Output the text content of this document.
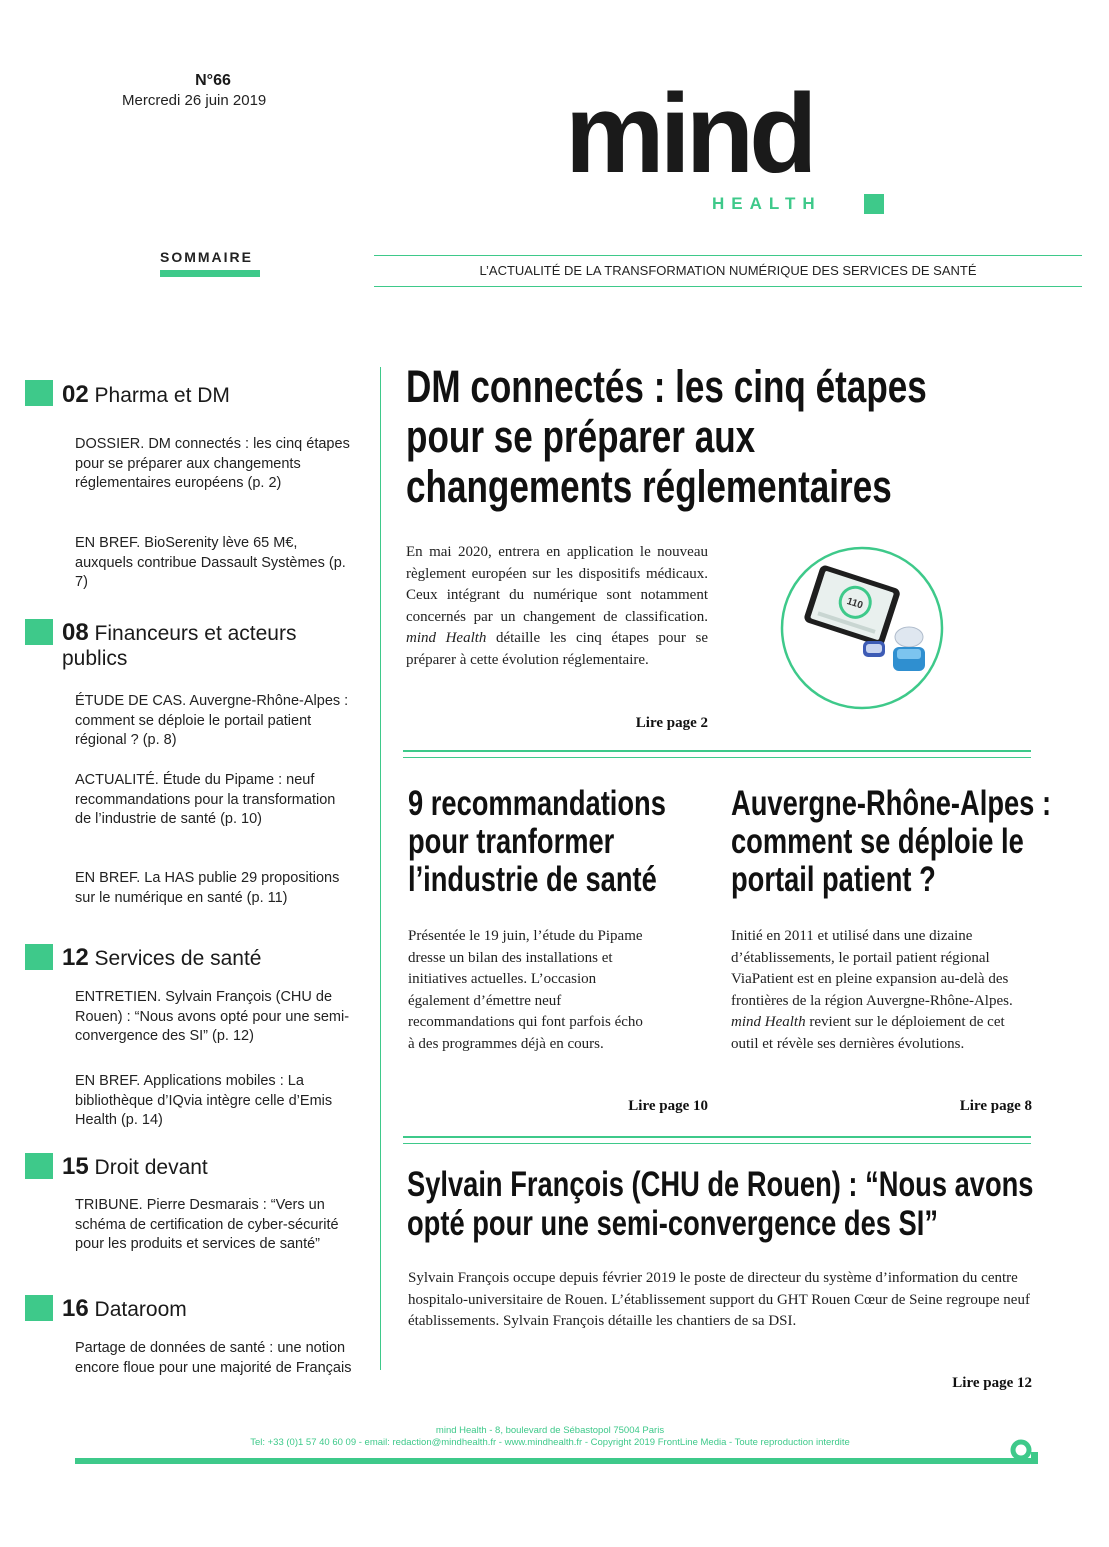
N°66
Mercredi 26 juin 2019	mind
HEALTH
SOMMAIRE
L’ACTUALITÉ DE LA TRANSFORMATION NUMÉRIQUE DES SERVICES DE SANTÉ
02 Pharma et DM
DOSSIER. DM connectés : les cinq étapes pour se préparer aux changements réglementaires européens (p. 2)
EN BREF. BioSerenity lève 65 M€, auxquels contribue Dassault Systèmes (p. 7)
08 Financeurs et acteurs publics
ÉTUDE DE CAS. Auvergne-Rhône-Alpes : comment se déploie le portail patient régional ? (p. 8)
ACTUALITÉ. Étude du Pipame : neuf recommandations pour la transformation de l’industrie de santé (p. 10)
EN BREF. La HAS publie 29 propositions sur le numérique en santé (p. 11)
12 Services de santé
ENTRETIEN. Sylvain François (CHU de Rouen) : “Nous avons opté pour une semi-convergence des SI” (p. 12)
EN BREF. Applications mobiles : La bibliothèque d’IQvia intègre celle d’Emis Health (p. 14)
15 Droit devant
TRIBUNE. Pierre Desmarais : “Vers un schéma de certification de cyber-sécurité pour les produits et services de santé”
16 Dataroom
Partage de données de santé : une notion encore floue pour une majorité de Français
DM connectés : les cinq étapes
pour se préparer aux
changements réglementaires
En mai 2020, entrera en application le nouveau règlement européen sur les dispositifs médicaux. Ceux intégrant du numérique sont notamment concernés par un changement de classification. mind Health détaille les cinq étapes pour se préparer à cette évolution réglementaire.
110
Lire page 2
9 recommandations
pour tranformer
l’industrie de santé
Présentée le 19 juin, l’étude du Pipame dresse un bilan des installations et initiatives actuelles. L’occasion également d’émettre neuf recommandations qui font parfois écho à des programmes déjà en cours.
Lire page 10
Auvergne-Rhône-Alpes :
comment se déploie le
portail patient ?
Initié en 2011 et utilisé dans une dizaine d’établissements, le portail patient régional ViaPatient est en pleine expansion au-delà des frontières de la région Auvergne-Rhône-Alpes. mind Health revient sur le déploiement de cet outil et révèle ses dernières évolutions.
Lire page 8
Sylvain François (CHU de Rouen) : “Nous avons
opté pour une semi-convergence des SI”
Sylvain François occupe depuis février 2019 le poste de directeur du système d’information du centre hospitalo-universitaire de Rouen. L’établissement support du GHT Rouen Cœur de Seine regroupe neuf établissements. Sylvain François détaille les chantiers de sa DSI.
Lire page 12
mind Health - 8, boulevard de Sébastopol 75004 Paris
Tel: +33 (0)1 57 40 60 09 - email: redaction@mindhealth.fr - www.mindhealth.fr - Copyright 2019 FrontLine Media - Toute reproduction interdite
